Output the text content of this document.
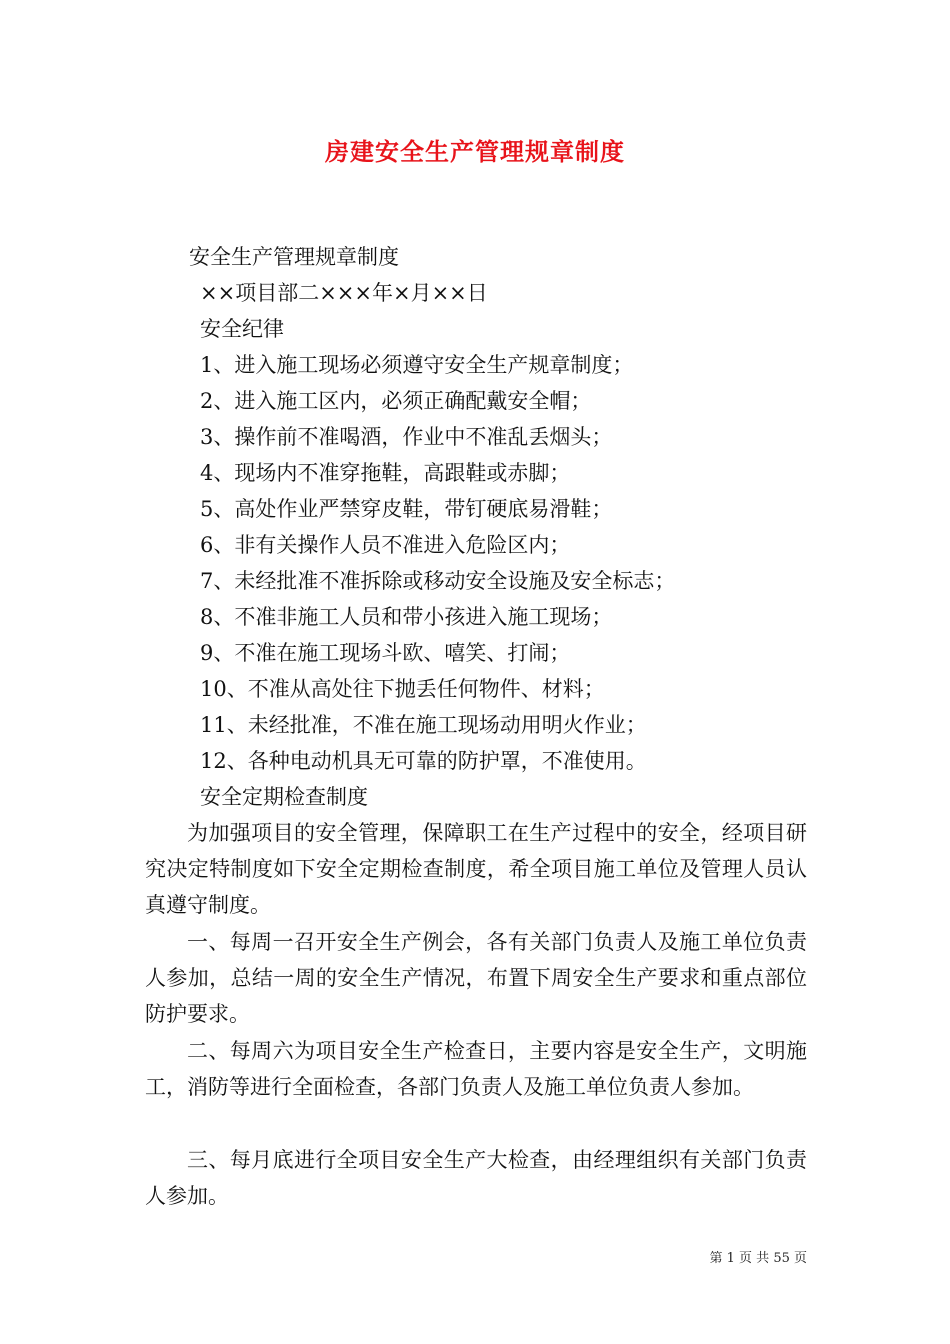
房建安全生产管理规章制度
安全生产管理规章制度
××项目部二×××年×月××日
安全纪律
1、进入施工现场必须遵守安全生产规章制度；
2、进入施工区内，必须正确配戴安全帽；
3、操作前不准喝酒，作业中不准乱丢烟头；
4、现场内不准穿拖鞋，高跟鞋或赤脚；
5、高处作业严禁穿皮鞋，带钉硬底易滑鞋；
6、非有关操作人员不准进入危险区内；
7、未经批准不准拆除或移动安全设施及安全标志；
8、不准非施工人员和带小孩进入施工现场；
9、不准在施工现场斗欧、嘻笑、打闹；
10、不准从高处往下抛丢任何物件、材料；
11、未经批准，不准在施工现场动用明火作业；
12、各种电动机具无可靠的防护罩，不准使用。
安全定期检查制度
为加强项目的安全管理，保障职工在生产过程中的安全，经项目研究决定特制度如下安全定期检查制度，希全项目施工单位及管理人员认真遵守制度。
一、每周一召开安全生产例会，各有关部门负责人及施工单位负责人参加，总结一周的安全生产情况，布置下周安全生产要求和重点部位防护要求。
二、每周六为项目安全生产检查日，主要内容是安全生产，文明施工，消防等进行全面检查，各部门负责人及施工单位负责人参加。
三、每月底进行全项目安全生产大检查，由经理组织有关部门负责人参加。
第 1 页 共 55 页
